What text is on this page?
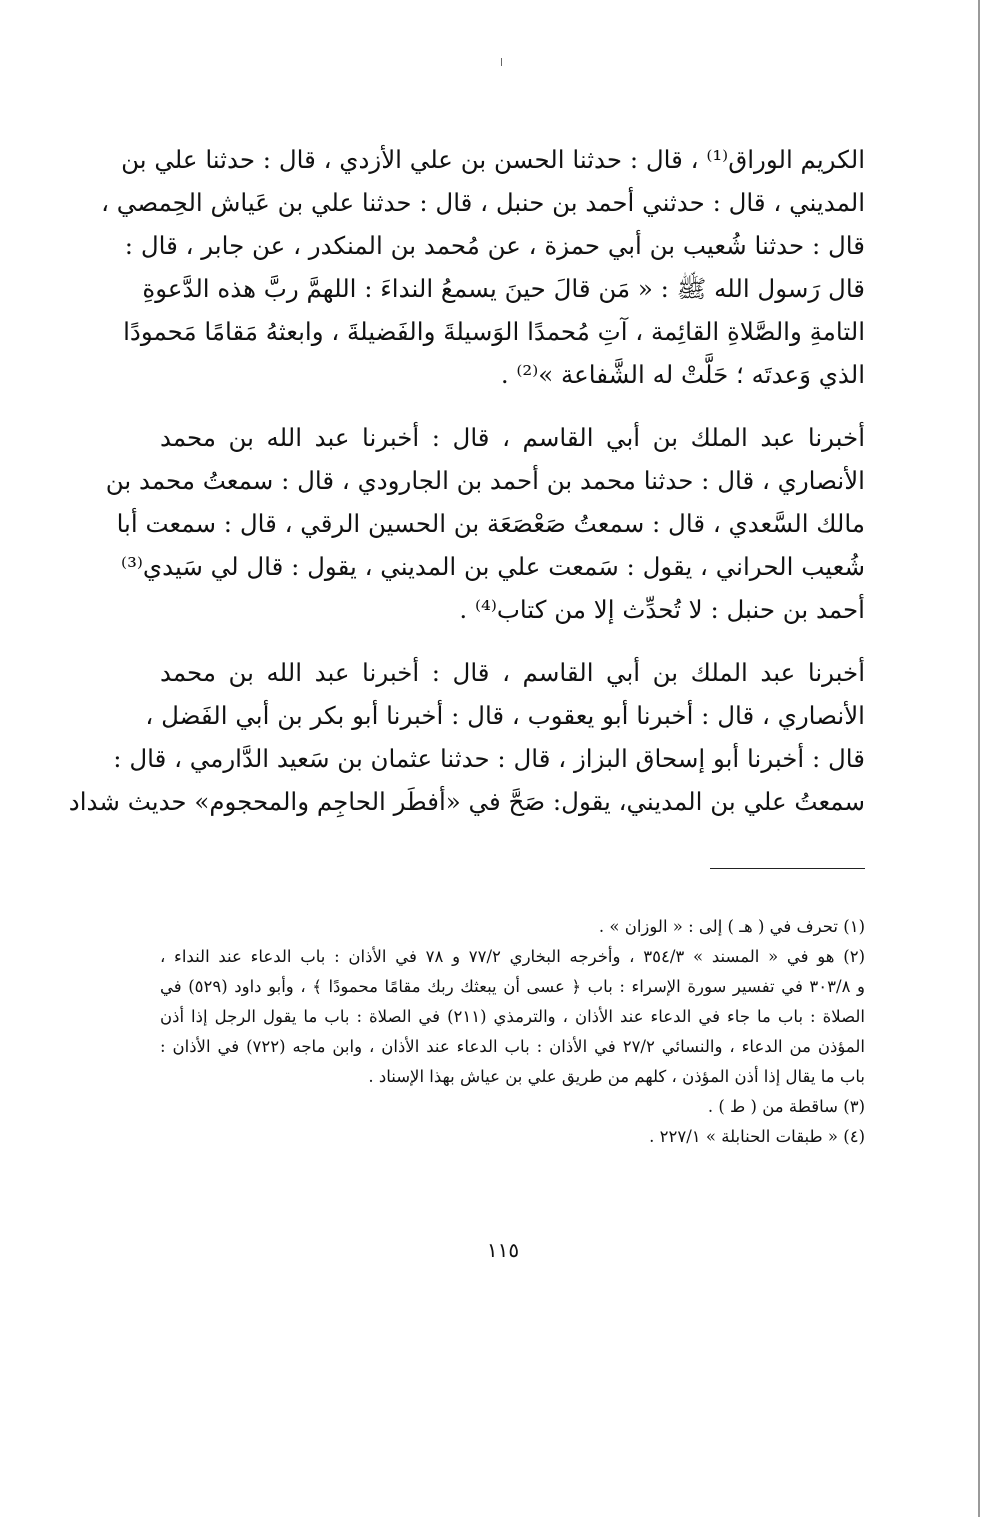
الكريم الوراق⁽¹⁾ ، قال : حدثنا الحسن بن علي الأزدي ، قال : حدثنا علي بن
المديني ، قال : حدثني أحمد بن حنبل ، قال : حدثنا علي بن عَياش الحِمصي ،
قال : حدثنا شُعيب بن أبي حمزة ، عن مُحمد بن المنكدر ، عن جابر ، قال :
قال رَسول الله ﷺ : « مَن قالَ حينَ يسمعُ النداءَ : اللهمَّ ربَّ هذه الدَّعوةِ
التامةِ والصَّلاةِ القائِمة ، آتِ مُحمدًا الوَسيلةَ والفَضيلةَ ، وابعثهُ مَقامًا مَحمودًا
الذي وَعدتَه ؛ حَلَّتْ له الشَّفاعة »⁽²⁾ .

أخبرنا عبد الملك بن أبي القاسم ، قال : أخبرنا عبد الله بن محمد
الأنصاري ، قال : حدثنا محمد بن أحمد بن الجارودي ، قال : سمعتُ محمد بن
مالك السَّعدي ، قال : سمعتُ صَعْصَعَة بن الحسين الرقي ، قال : سمعت أبا
شُعيب الحراني ، يقول : سَمعت علي بن المديني ، يقول : قال لي سَيدي⁽³⁾
أحمد بن حنبل : لا تُحدِّث إلا من كتاب⁽⁴⁾ .

أخبرنا عبد الملك بن أبي القاسم ، قال : أخبرنا عبد الله بن محمد
الأنصاري ، قال : أخبرنا أبو يعقوب ، قال : أخبرنا أبو بكر بن أبي الفَضل ،
قال : أخبرنا أبو إسحاق البزاز ، قال : حدثنا عثمان بن سَعيد الدَّارمي ، قال :
سمعتُ علي بن المديني، يقول: صَحَّ في «أفطَر الحاجِم والمحجوم» حديث شداد

(١) تحرف في ( هـ ) إلى : « الوزان » .

(٢) هو في « المسند » ٣٥٤/٣ ، وأخرجه البخاري ٧٧/٢ و ٧٨ في الأذان : باب الدعاء عند النداء ،
و ٣٠٣/٨ في تفسير سورة الإسراء : باب ﴿ عسى أن يبعثك ربك مقامًا محمودًا ﴾ ، وأبو داود (٥٢٩) في
الصلاة : باب ما جاء في الدعاء عند الأذان ، والترمذي (٢١١) في الصلاة : باب ما يقول الرجل إذا أذن
المؤذن من الدعاء ، والنسائي ٢٧/٢ في الأذان : باب الدعاء عند الأذان ، وابن ماجه (٧٢٢) في الأذان :
باب ما يقال إذا أذن المؤذن ، كلهم من طريق علي بن عياش بهذا الإسناد .

(٣) ساقطة من ( ط ) .

(٤) « طبقات الحنابلة » ٢٢٧/١ .

١١٥
